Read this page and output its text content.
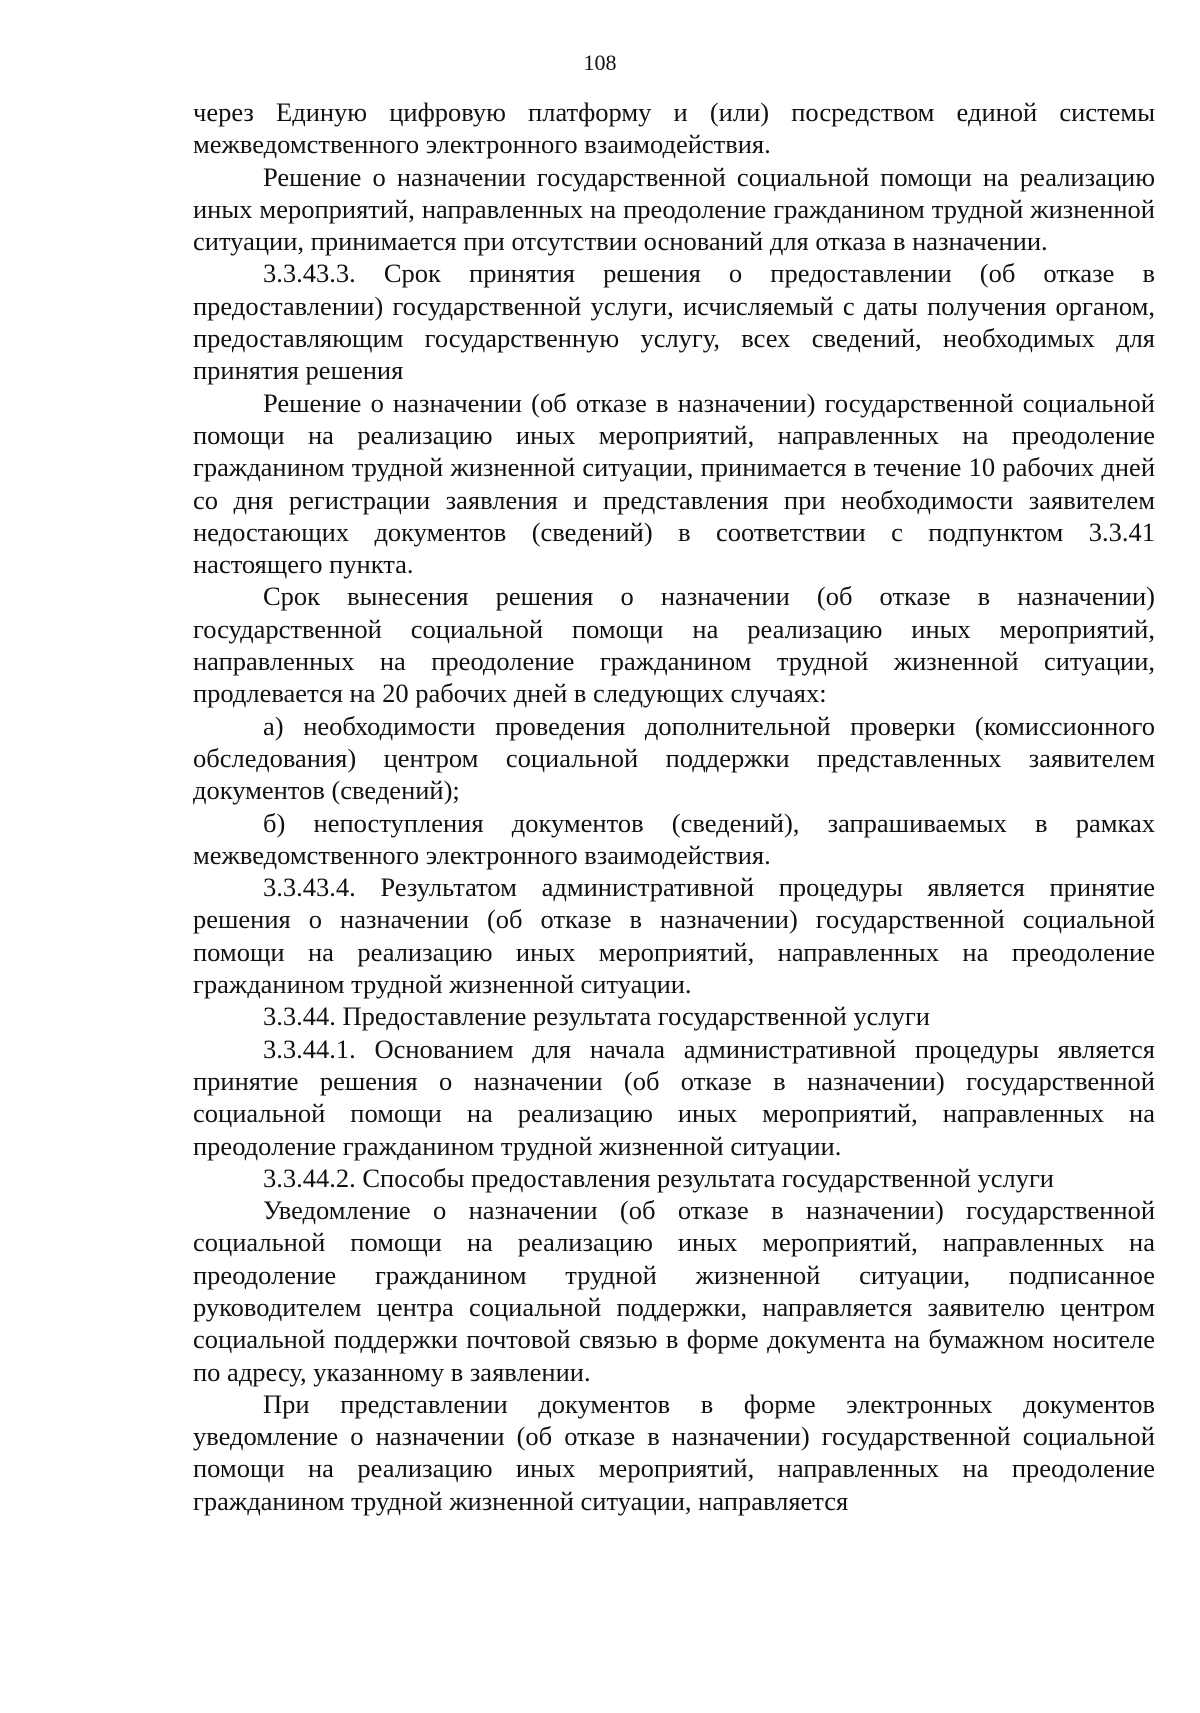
108

через Единую цифровую платформу и (или) посредством единой системы межведомственного электронного взаимодействия.

Решение о назначении государственной социальной помощи на реализацию иных мероприятий, направленных на преодоление гражданином трудной жизненной ситуации, принимается при отсутствии оснований для отказа в назначении.

3.3.43.3. Срок принятия решения о предоставлении (об отказе в предоставлении) государственной услуги, исчисляемый с даты получения органом, предоставляющим государственную услугу, всех сведений, необходимых для принятия решения

Решение о назначении (об отказе в назначении) государственной социальной помощи на реализацию иных мероприятий, направленных на преодоление гражданином трудной жизненной ситуации, принимается в течение 10 рабочих дней со дня регистрации заявления и представления при необходимости заявителем недостающих документов (сведений) в соответствии с подпунктом 3.3.41 настоящего пункта.

Срок вынесения решения о назначении (об отказе в назначении) государственной социальной помощи на реализацию иных мероприятий, направленных на преодоление гражданином трудной жизненной ситуации, продлевается на 20 рабочих дней в следующих случаях:

а) необходимости проведения дополнительной проверки (комиссионного обследования) центром социальной поддержки представленных заявителем документов (сведений);

б) непоступления документов (сведений), запрашиваемых в рамках межведомственного электронного взаимодействия.

3.3.43.4. Результатом административной процедуры является принятие решения о назначении (об отказе в назначении) государственной социальной помощи на реализацию иных мероприятий, направленных на преодоление гражданином трудной жизненной ситуации.

3.3.44. Предоставление результата государственной услуги

3.3.44.1. Основанием для начала административной процедуры является принятие решения о назначении (об отказе в назначении) государственной социальной помощи на реализацию иных мероприятий, направленных на преодоление гражданином трудной жизненной ситуации.

3.3.44.2. Способы предоставления результата государственной услуги

Уведомление о назначении (об отказе в назначении) государственной социальной помощи на реализацию иных мероприятий, направленных на преодоление гражданином трудной жизненной ситуации, подписанное руководителем центра социальной поддержки, направляется заявителю центром социальной поддержки почтовой связью в форме документа на бумажном носителе по адресу, указанному в заявлении.

При представлении документов в форме электронных документов уведомление о назначении (об отказе в назначении) государственной социальной помощи на реализацию иных мероприятий, направленных на преодоление гражданином трудной жизненной ситуации, направляется
